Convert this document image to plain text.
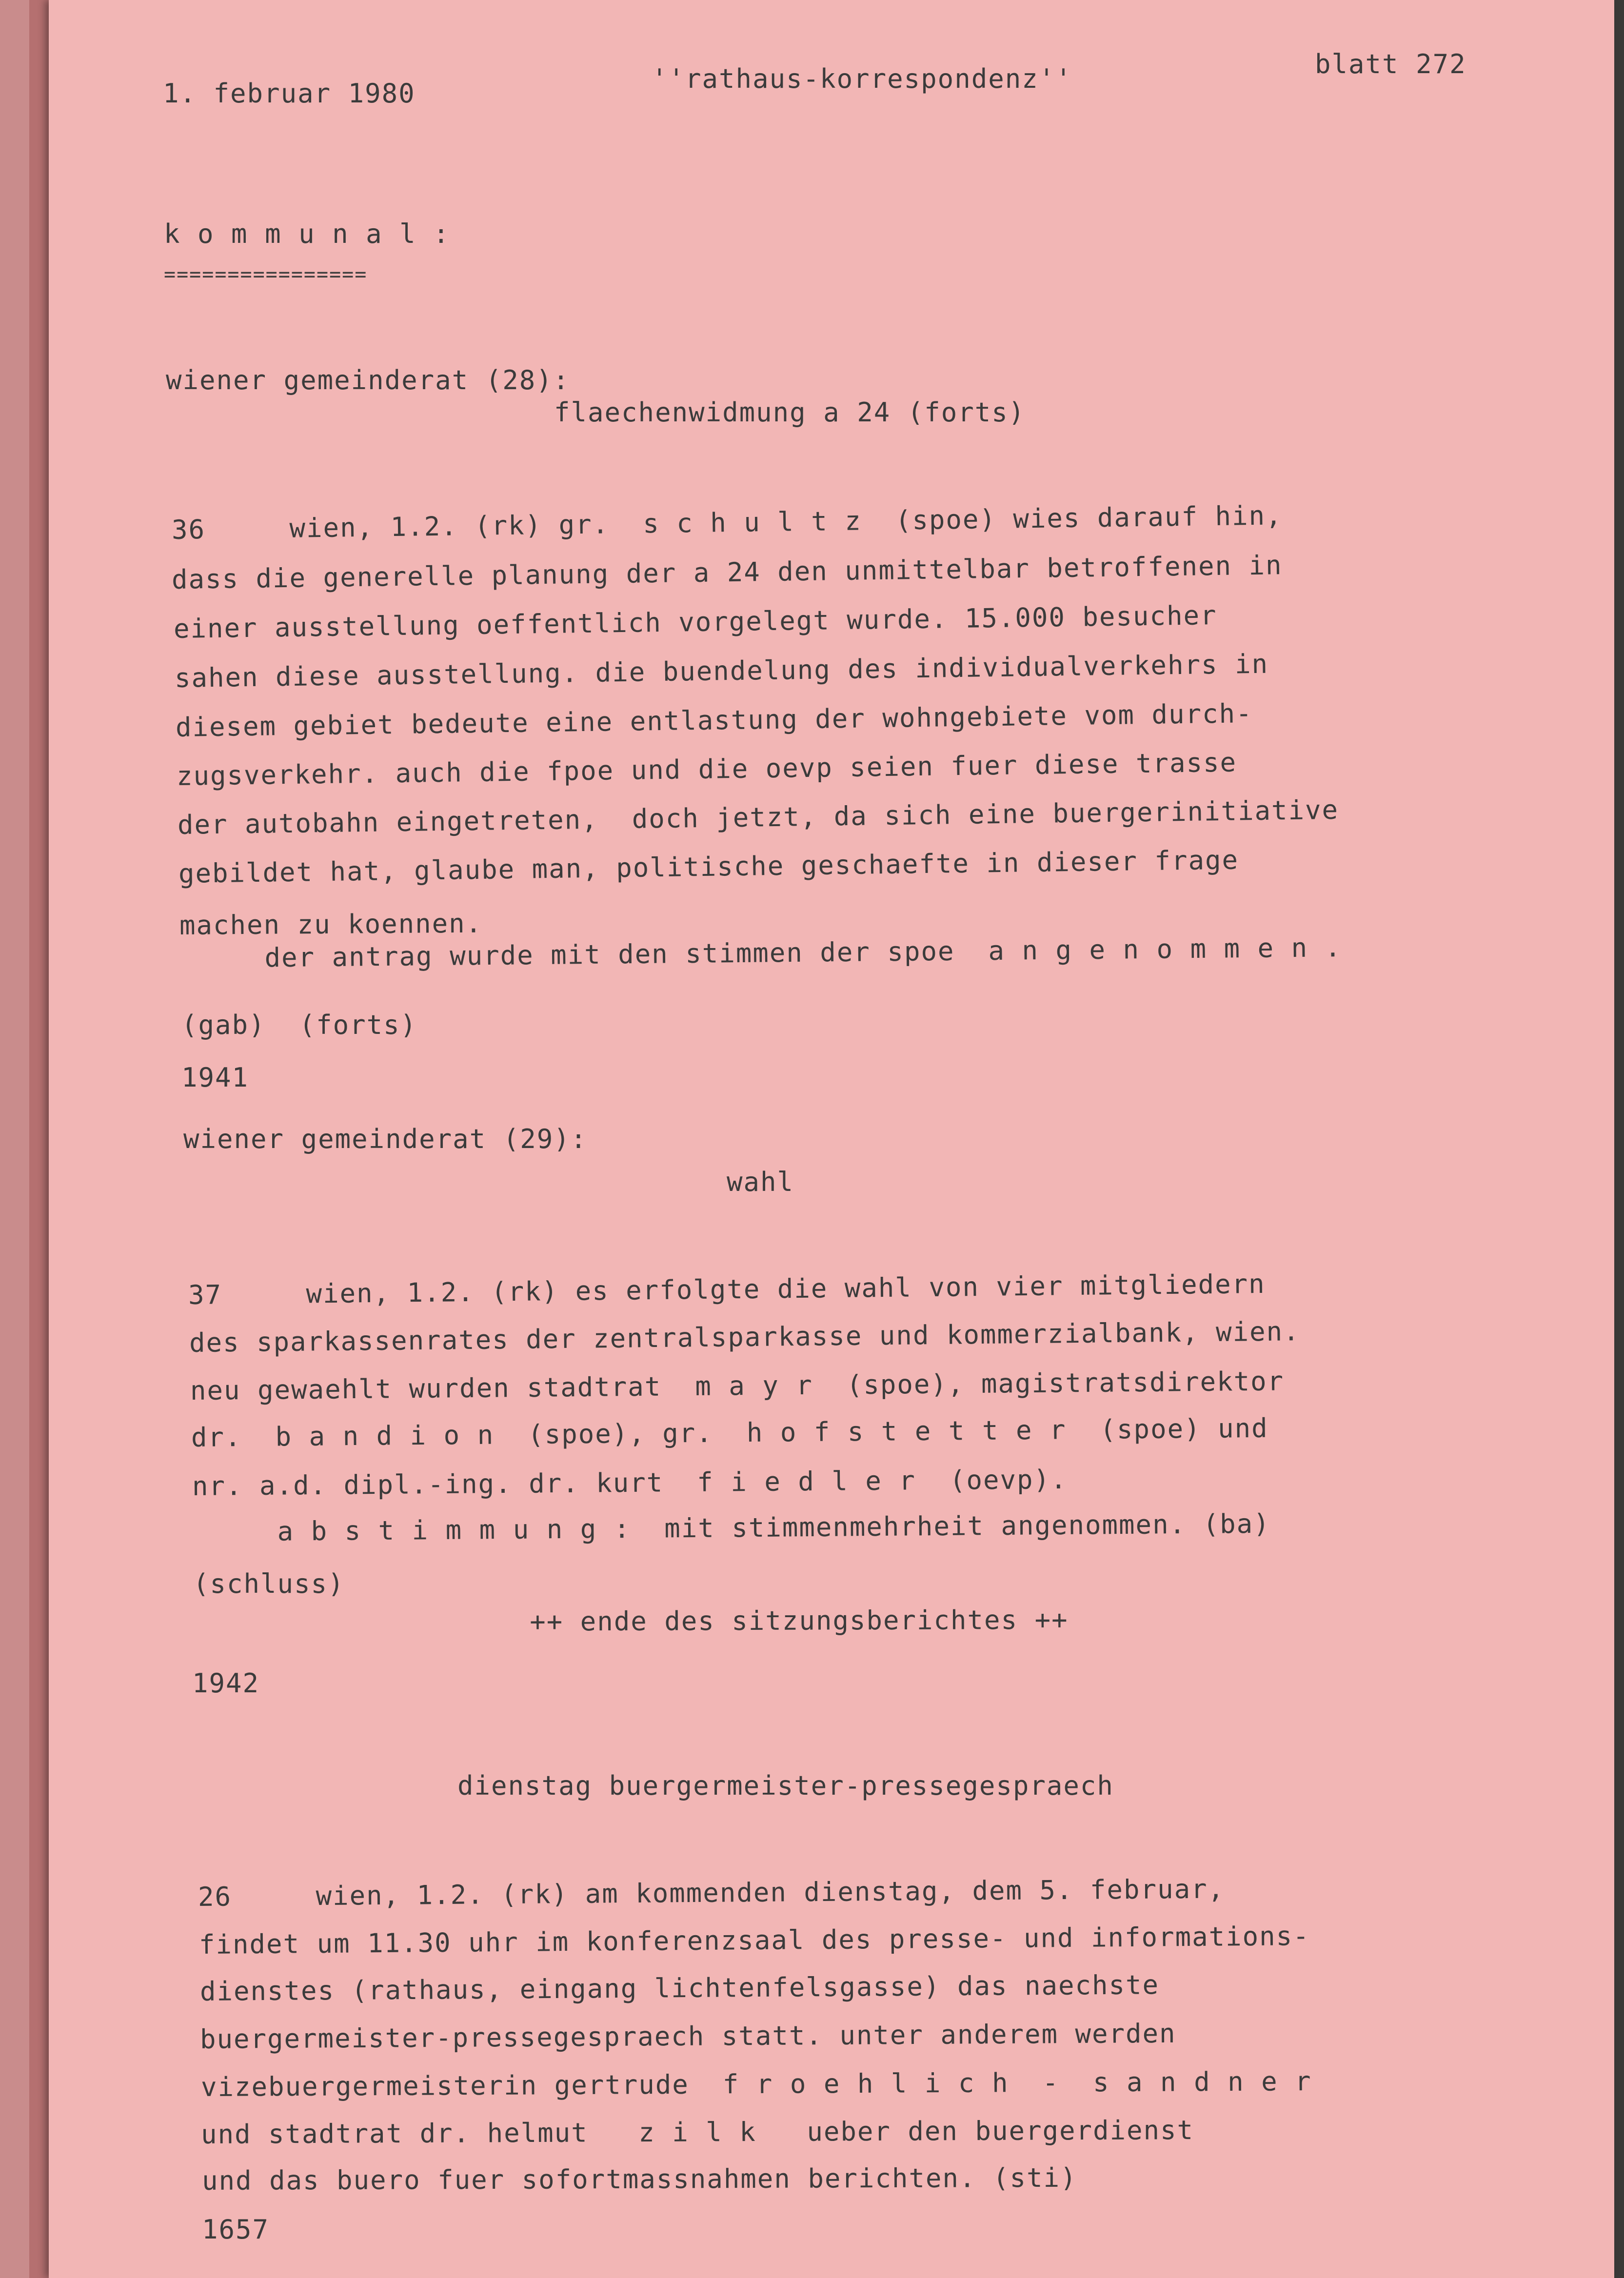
1. februar 1980	''rathaus-korrespondenz''	blatt 272
k o m m u n a l :
================
wiener gemeinderat (28):
flaechenwidmung a 24 (forts)
36     wien, 1.2. (rk) gr.  s c h u l t z  (spoe) wies darauf hin,
dass die generelle planung der a 24 den unmittelbar betroffenen in
einer ausstellung oeffentlich vorgelegt wurde. 15.000 besucher
sahen diese ausstellung. die buendelung des individualverkehrs in
diesem gebiet bedeute eine entlastung der wohngebiete vom durch-
zugsverkehr. auch die fpoe und die oevp seien fuer diese trasse
der autobahn eingetreten,  doch jetzt, da sich eine buergerinitiative
gebildet hat, glaube man, politische geschaefte in dieser frage
machen zu koennen.
der antrag wurde mit den stimmen der spoe  a n g e n o m m e n .
(gab)  (forts)
1941
wiener gemeinderat (29):
wahl
37     wien, 1.2. (rk) es erfolgte die wahl von vier mitgliedern
des sparkassenrates der zentralsparkasse und kommerzialbank, wien.
neu gewaehlt wurden stadtrat  m a y r  (spoe), magistratsdirektor
dr.  b a n d i o n  (spoe), gr.  h o f s t e t t e r  (spoe) und
nr. a.d. dipl.-ing. dr. kurt  f i e d l e r  (oevp).
a b s t i m m u n g :  mit stimmenmehrheit angenommen. (ba)
(schluss)
++ ende des sitzungsberichtes ++
1942
dienstag buergermeister-pressegespraech
26     wien, 1.2. (rk) am kommenden dienstag, dem 5. februar,
findet um 11.30 uhr im konferenzsaal des presse- und informations-
dienstes (rathaus, eingang lichtenfelsgasse) das naechste
buergermeister-pressegespraech statt. unter anderem werden
vizebuergermeisterin gertrude  f r o e h l i c h  -  s a n d n e r
und stadtrat dr. helmut   z i l k   ueber den buergerdienst
und das buero fuer sofortmassnahmen berichten. (sti)
1657
